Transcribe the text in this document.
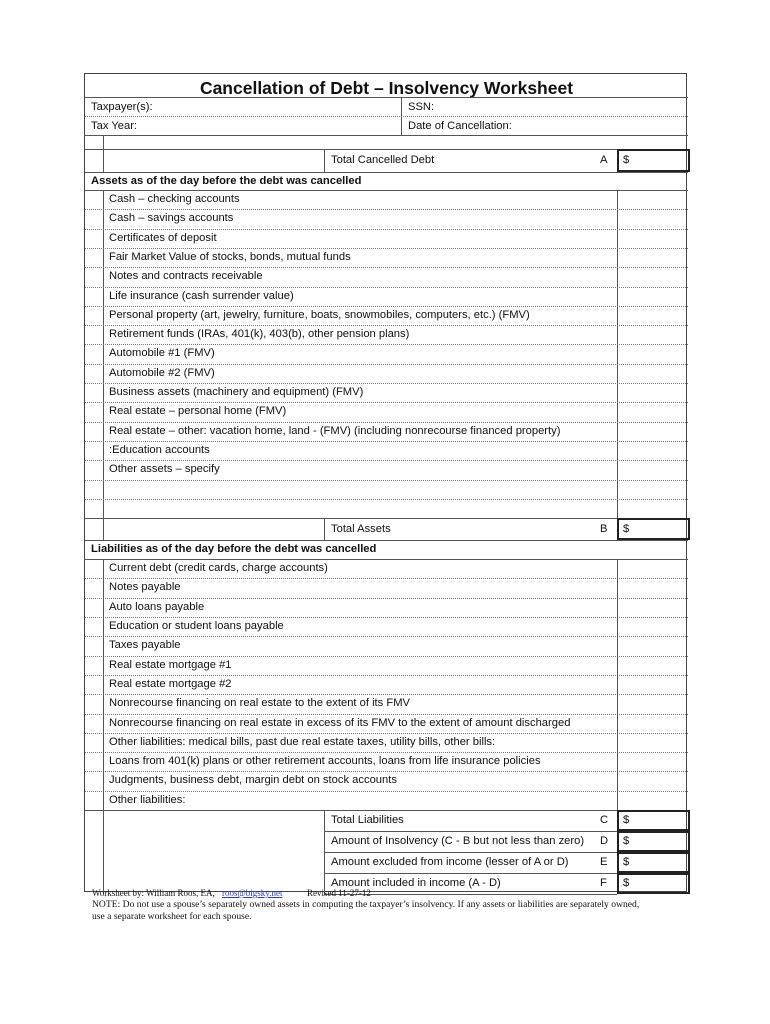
Cancellation of Debt – Insolvency Worksheet
Taxpayer(s):	SSN:
Tax Year:	Date of Cancellation:
Total Cancelled Debt	A $
Assets as of the day before the debt was cancelled
Cash – checking accounts
Cash – savings accounts
Certificates of deposit
Fair Market Value of stocks, bonds, mutual funds
Notes and contracts receivable
Life insurance (cash surrender value)
Personal property (art, jewelry, furniture, boats, snowmobiles, computers, etc.) (FMV)
Retirement funds (IRAs, 401(k), 403(b), other pension plans)
Automobile #1 (FMV)
Automobile #2 (FMV)
Business assets (machinery and equipment) (FMV)
Real estate – personal home (FMV)
Real estate – other: vacation home, land - (FMV) (including nonrecourse financed property)
:Education accounts
Other assets – specify
Total Assets	B $
Liabilities as of the day before the debt was cancelled
Current debt (credit cards, charge accounts)
Notes payable
Auto loans payable
Education or student loans payable
Taxes payable
Real estate mortgage #1
Real estate mortgage #2
Nonrecourse financing on real estate to the extent of its FMV
Nonrecourse financing on real estate in excess of its FMV to the extent of amount discharged
Other liabilities: medical bills, past due real estate taxes, utility bills, other bills:
Loans from 401(k) plans or other retirement accounts, loans from life insurance policies
Judgments, business debt, margin debt on stock accounts
Other liabilities:
Total Liabilities	C $
Amount of Insolvency (C - B but not less than zero) D $
Amount excluded from income (lesser of A or D)	E $
Amount included in income (A - D)	F $
Worksheet by: William Roos, EA, roos@bigsky.net	Revised 11-27-12
NOTE: Do not use a spouse’s separately owned assets in computing the taxpayer’s insolvency. If any assets or liabilities are separately owned,
use a separate worksheet for each spouse.
